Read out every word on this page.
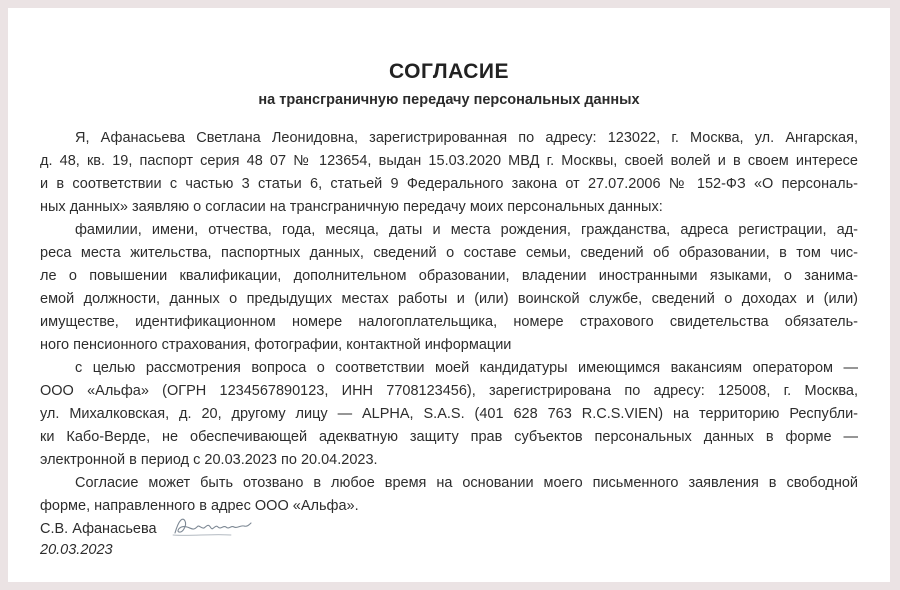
СОГЛАСИЕ
на трансграничную передачу персональных данных
Я, Афанасьева Светлана Леонидовна, зарегистрированная по адресу: 123022, г. Москва, ул. Ангарская,
д. 48, кв. 19, паспорт серия 48 07 № 123654, выдан 15.03.2020 МВД г. Москвы, своей волей и в своем интересе
и в соответствии с частью 3 статьи 6, статьей 9 Федерального закона от 27.07.2006 № 152-ФЗ «О персональ-
ных данных» заявляю о согласии на трансграничную передачу моих персональных данных:
фамилии, имени, отчества, года, месяца, даты и места рождения, гражданства, адреса регистрации, ад-
реса места жительства, паспортных данных, сведений о составе семьи, сведений об образовании, в том чис-
ле о повышении квалификации, дополнительном образовании, владении иностранными языками, о занима-
емой должности, данных о предыдущих местах работы и (или) воинской службе, сведений о доходах и (или)
имуществе, идентификационном номере налогоплательщика, номере страхового свидетельства обязатель-
ного пенсионного страхования, фотографии, контактной информации
с целью рассмотрения вопроса о соответствии моей кандидатуры имеющимся вакансиям оператором —
ООО «Альфа» (ОГРН 1234567890123, ИНН 7708123456), зарегистрирована по адресу: 125008, г. Москва,
ул. Михалковская, д. 20, другому лицу — ALPHA, S.A.S. (401 628 763 R.C.S.VIEN) на территорию Республи-
ки Кабо-Верде, не обеспечивающей адекватную защиту прав субъектов персональных данных в форме —
электронной в период с 20.03.2023 по 20.04.2023.
Согласие может быть отозвано в любое время на основании моего письменного заявления в свободной
форме, направленного в адрес ООО «Альфа».
С.В. Афанасьева
20.03.2023
